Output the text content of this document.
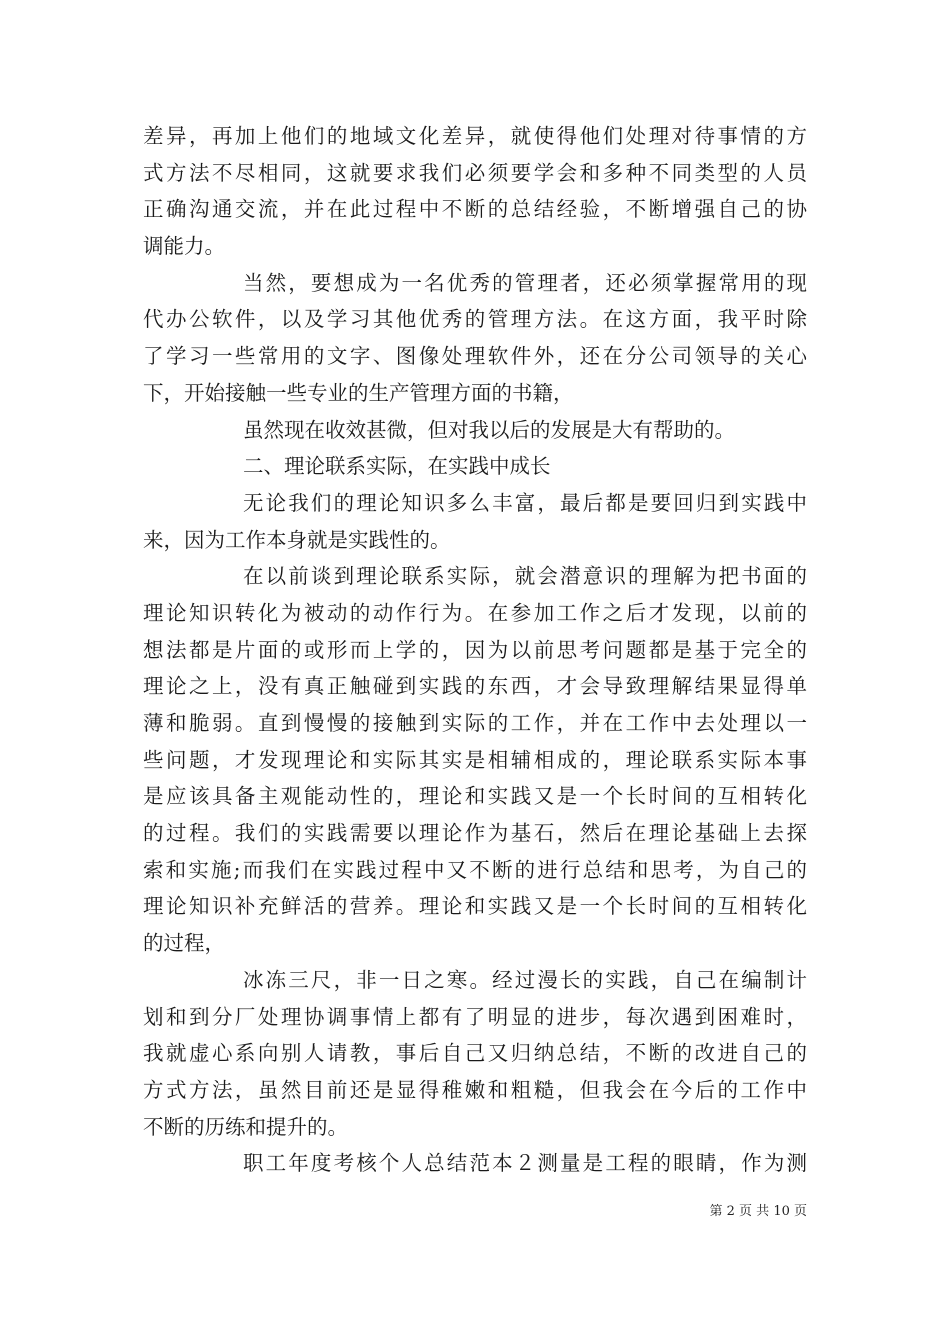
差异，再加上他们的地域文化差异，就使得他们处理对待事情的方
式方法不尽相同，这就要求我们必须要学会和多种不同类型的人员
正确沟通交流，并在此过程中不断的总结经验，不断增强自己的协
调能力。
当然，要想成为一名优秀的管理者，还必须掌握常用的现
代办公软件，以及学习其他优秀的管理方法。在这方面，我平时除
了学习一些常用的文字、图像处理软件外，还在分公司领导的关心
下，开始接触一些专业的生产管理方面的书籍，
虽然现在收效甚微，但对我以后的发展是大有帮助的。
二、理论联系实际，在实践中成长
无论我们的理论知识多么丰富，最后都是要回归到实践中
来，因为工作本身就是实践性的。
在以前谈到理论联系实际，就会潜意识的理解为把书面的
理论知识转化为被动的动作行为。在参加工作之后才发现，以前的
想法都是片面的或形而上学的，因为以前思考问题都是基于完全的
理论之上，没有真正触碰到实践的东西，才会导致理解结果显得单
薄和脆弱。直到慢慢的接触到实际的工作，并在工作中去处理以一
些问题，才发现理论和实际其实是相辅相成的，理论联系实际本事
是应该具备主观能动性的，理论和实践又是一个长时间的互相转化
的过程。我们的实践需要以理论作为基石，然后在理论基础上去探
索和实施;而我们在实践过程中又不断的进行总结和思考，为自己的
理论知识补充鲜活的营养。理论和实践又是一个长时间的互相转化
的过程，
冰冻三尺，非一日之寒。经过漫长的实践，自己在编制计
划和到分厂处理协调事情上都有了明显的进步，每次遇到困难时，
我就虚心系向别人请教，事后自己又归纳总结，不断的改进自己的
方式方法，虽然目前还是显得稚嫩和粗糙，但我会在今后的工作中
不断的历练和提升的。
职工年度考核个人总结范本２测量是工程的眼睛，作为测
第 2 页 共 10 页
